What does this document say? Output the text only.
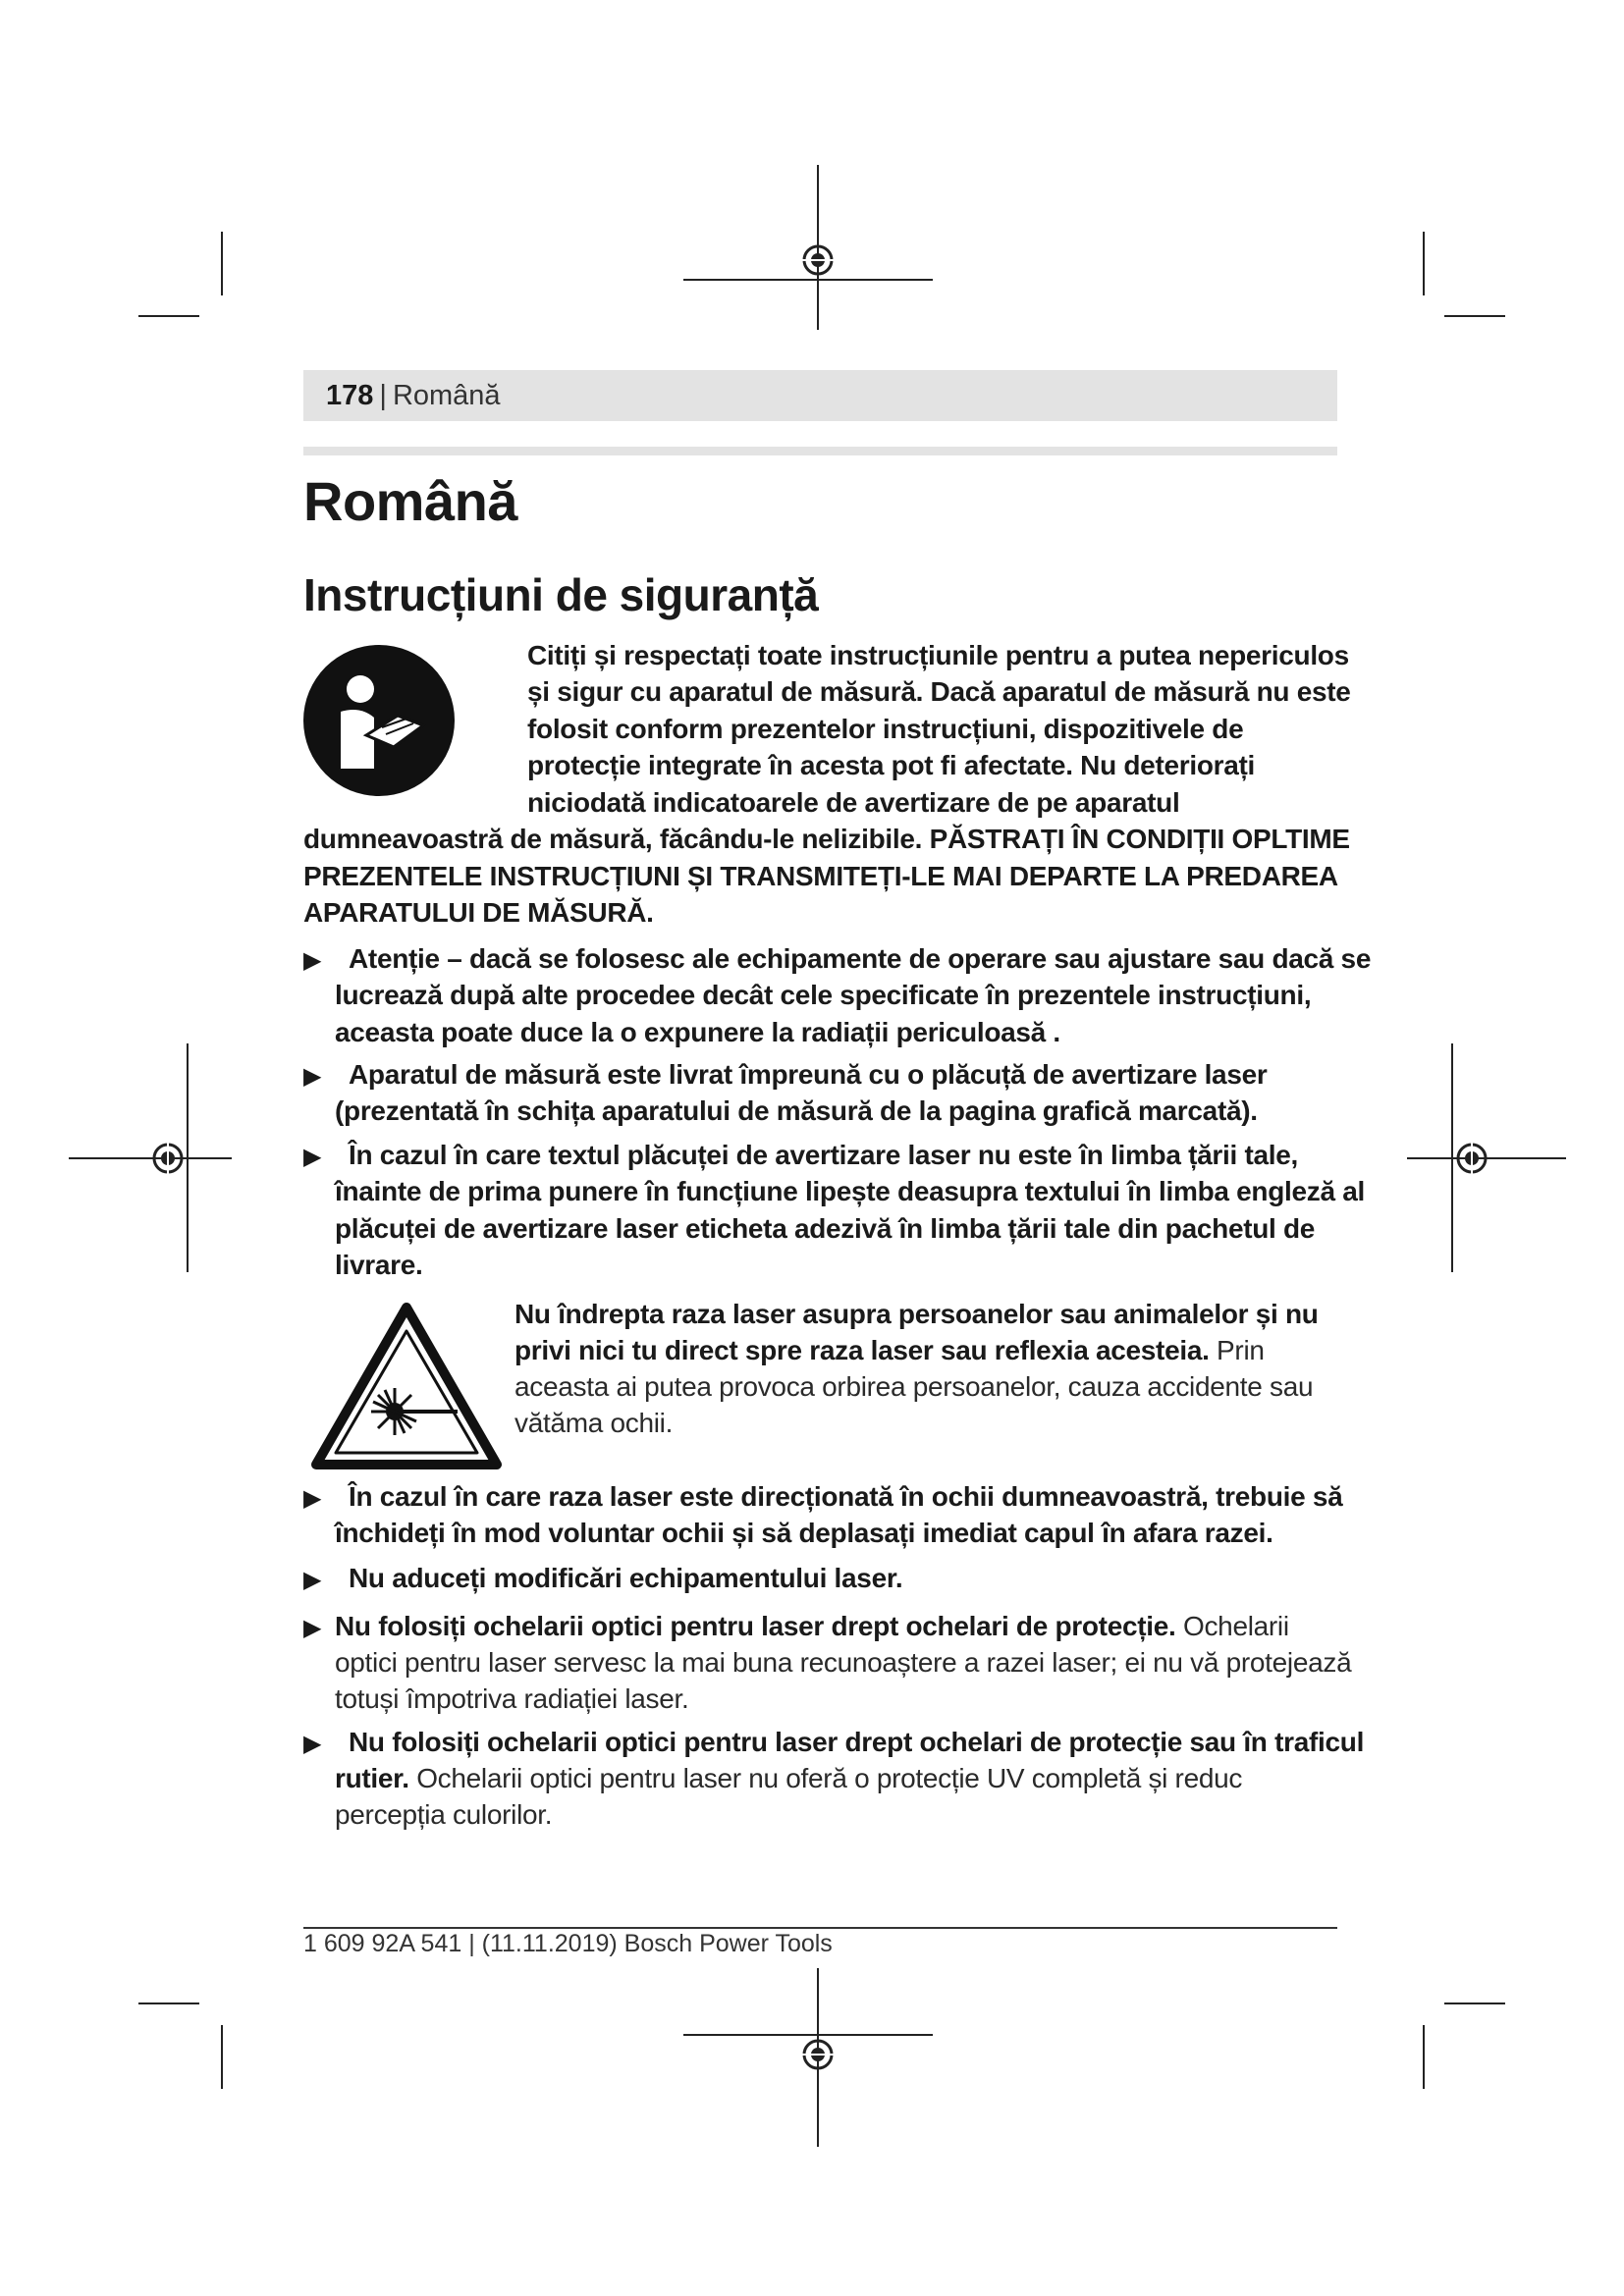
178 | Română
Română
Instrucțiuni de siguranță
Citiți și respectați toate instrucțiunile pentru a putea nepericulos
și sigur cu aparatul de măsură. Dacă aparatul de măsură nu este
folosit conform prezentelor instrucțiuni, dispozitivele de
protecție integrate în acesta pot fi afectate. Nu deteriorați
niciodată indicatoarele de avertizare de pe aparatul
dumneavoastră de măsură, făcându-le nelizibile. PĂSTRAȚI ÎN CONDIȚII OPLTIME
PREZENTELE INSTRUCȚIUNI ȘI TRANSMITEȚI-LE MAI DEPARTE LA PREDAREA
APARATULUI DE MĂSURĂ.
▶ Atenție – dacă se folosesc ale echipamente de operare sau ajustare sau dacă se
lucrează după alte procedee decât cele specificate în prezentele instrucțiuni,
aceasta poate duce la o expunere la radiații periculoasă .
▶ Aparatul de măsură este livrat împreună cu o plăcuță de avertizare laser
(prezentată în schița aparatului de măsură de la pagina grafică marcată).
▶ În cazul în care textul plăcuței de avertizare laser nu este în limba țării tale,
înainte de prima punere în funcțiune lipește deasupra textului în limba engleză al
plăcuței de avertizare laser eticheta adezivă în limba țării tale din pachetul de
livrare.
Nu îndrepta raza laser asupra persoanelor sau animalelor și nu
privi nici tu direct spre raza laser sau reflexia acesteia. Prin
aceasta ai putea provoca orbirea persoanelor, cauza accidente sau
vătăma ochii.
▶ În cazul în care raza laser este direcționată în ochii dumneavoastră, trebuie să
închideți în mod voluntar ochii și să deplasați imediat capul în afara razei.
▶ Nu aduceți modificări echipamentului laser.
▶ Nu folosiți ochelarii optici pentru laser drept ochelari de protecție. Ochelarii
optici pentru laser servesc la mai buna recunoaștere a razei laser; ei nu vă protejează
totuși împotriva radiației laser.
▶ Nu folosiți ochelarii optici pentru laser drept ochelari de protecție sau în traficul
rutier. Ochelarii optici pentru laser nu oferă o protecție UV completă și reduc
percepția culorilor.
1 609 92A 541 | (11.11.2019) Bosch Power Tools
